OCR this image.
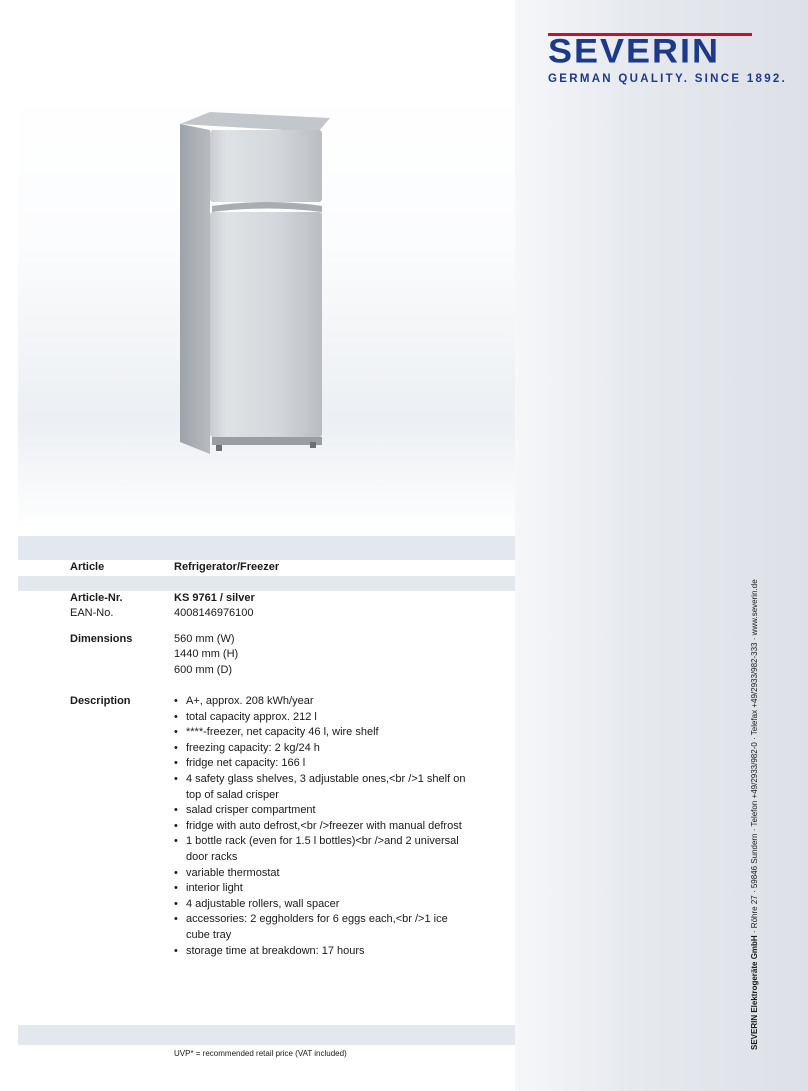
SEVERIN
GERMAN QUALITY. SINCE 1892.
Article	Refrigerator/Freezer
Article-Nr.	KS 9761 / silver
EAN-No.	4008146976100
Dimensions	560 mm (W)
1440 mm (H)
600 mm (D)
Description
•	A+, approx. 208 kWh/year
• total capacity approx. 212 l
• ****-freezer, net capacity 46 l, wire shelf
• freezing capacity: 2 kg/24 h
• fridge net capacity: 166 l
• 4 safety glass shelves, 3 adjustable ones,<br />1 shelf on top of salad crisper
• salad crisper compartment
• fridge with auto defrost,<br />freezer with manual defrost
• 1 bottle rack (even for 1.5 l bottles)<br />and 2 universal door racks
• variable thermostat
• interior light
• 4 adjustable rollers, wall spacer
• accessories: 2 eggholders for 6 eggs each,<br />1 ice cube tray
• storage time at breakdown: 17 hours
UVP* = recommended retail price (VAT included)
SEVERIN Elektrogeräte GmbH · Röhre 27 · 59846 Sundern · Telefon +49/2933/982-0 · Telefax +49/2933/982-333 · www.severin.de
